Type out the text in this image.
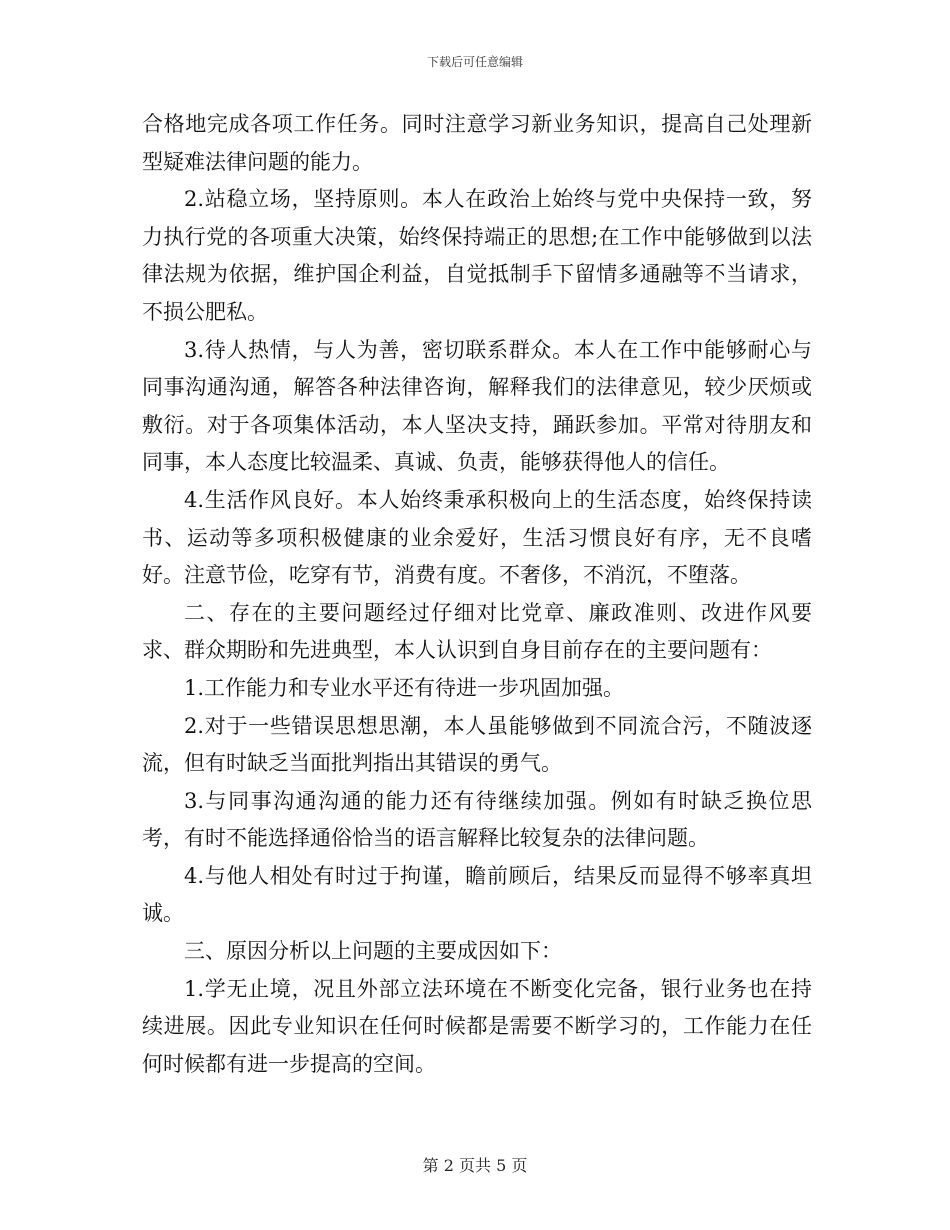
下载后可任意编辑

合格地完成各项工作任务。同时注意学习新业务知识，提高自己处理新型疑难法律问题的能力。

2.站稳立场，坚持原则。本人在政治上始终与党中央保持一致，努力执行党的各项重大决策，始终保持端正的思想;在工作中能够做到以法律法规为依据，维护国企利益，自觉抵制手下留情多通融等不当请求，不损公肥私。

3.待人热情，与人为善，密切联系群众。本人在工作中能够耐心与同事沟通沟通，解答各种法律咨询，解释我们的法律意见，较少厌烦或敷衍。对于各项集体活动，本人坚决支持，踊跃参加。平常对待朋友和同事，本人态度比较温柔、真诚、负责，能够获得他人的信任。

4.生活作风良好。本人始终秉承积极向上的生活态度，始终保持读书、运动等多项积极健康的业余爱好，生活习惯良好有序，无不良嗜好。注意节俭，吃穿有节，消费有度。不奢侈，不消沉，不堕落。

二、存在的主要问题经过仔细对比党章、廉政准则、改进作风要求、群众期盼和先进典型，本人认识到自身目前存在的主要问题有：

1.工作能力和专业水平还有待进一步巩固加强。

2.对于一些错误思想思潮，本人虽能够做到不同流合污，不随波逐流，但有时缺乏当面批判指出其错误的勇气。

3.与同事沟通沟通的能力还有待继续加强。例如有时缺乏换位思考，有时不能选择通俗恰当的语言解释比较复杂的法律问题。

4.与他人相处有时过于拘谨，瞻前顾后，结果反而显得不够率真坦诚。

三、原因分析以上问题的主要成因如下：

1.学无止境，况且外部立法环境在不断变化完备，银行业务也在持续进展。因此专业知识在任何时候都是需要不断学习的，工作能力在任何时候都有进一步提高的空间。

第 2 页共 5 页
